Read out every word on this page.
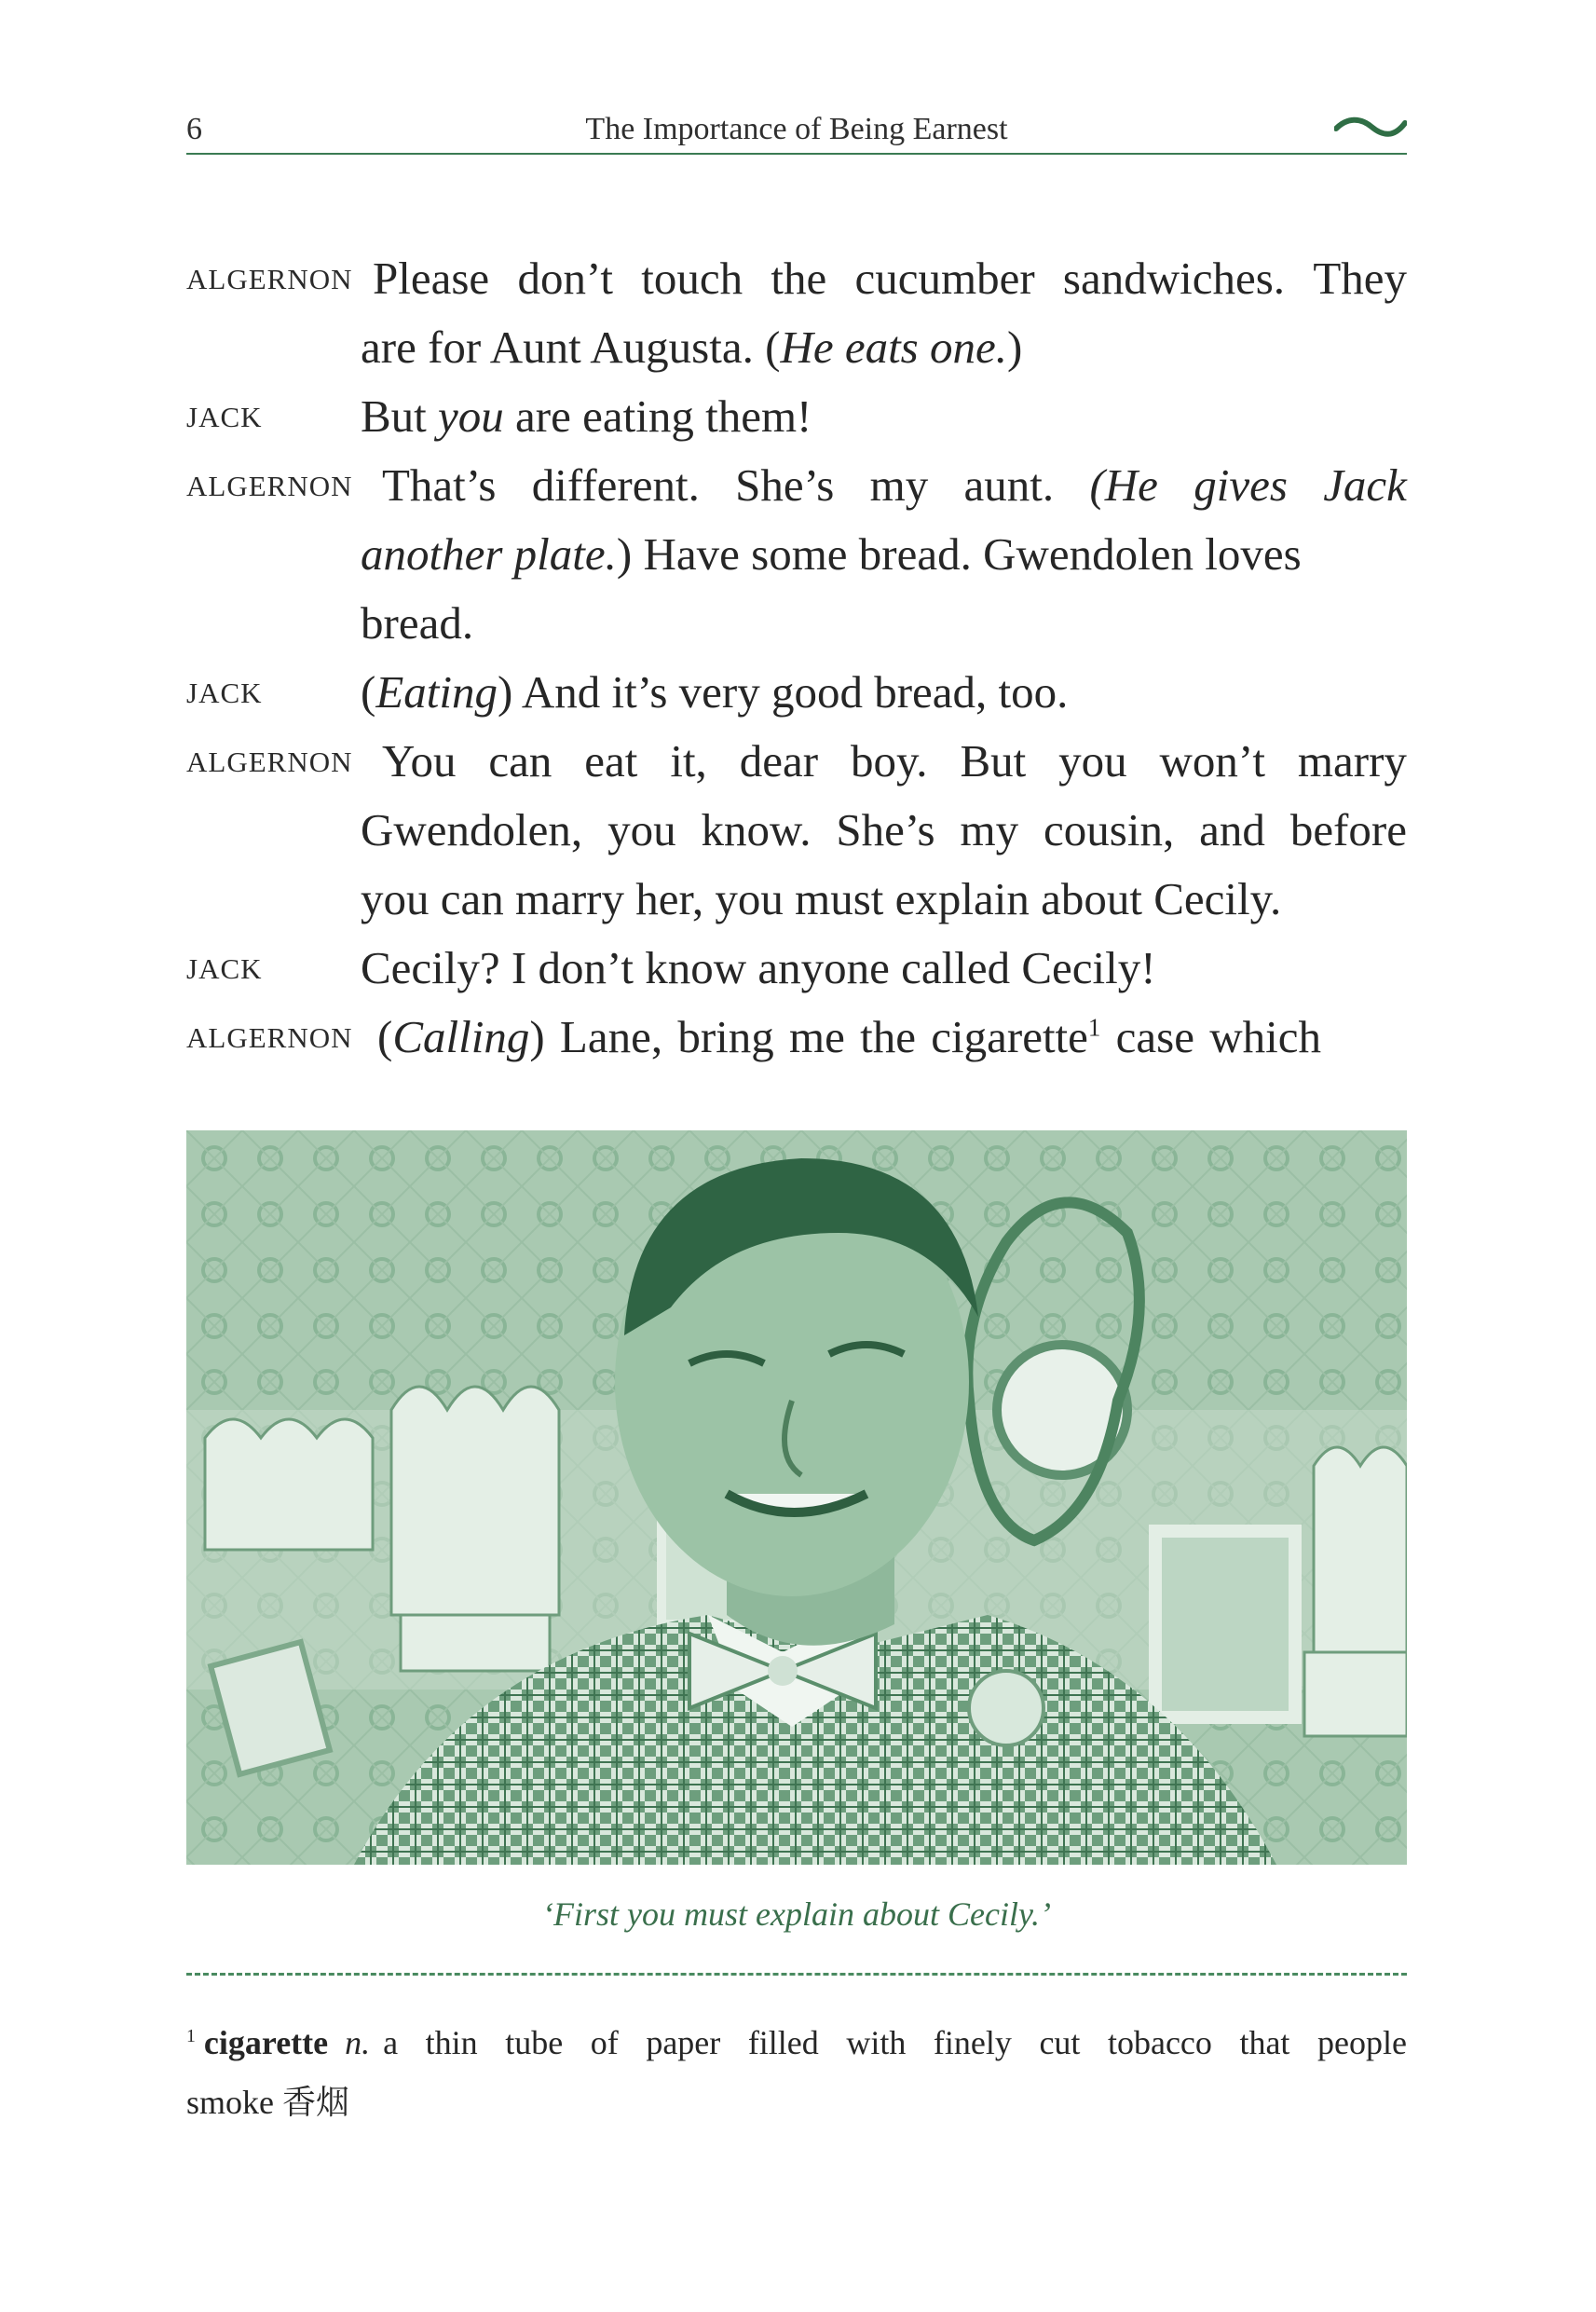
6	The Importance of Being Earnest
ALGERNON Please don’t touch the cucumber sandwiches. They
are for Aunt Augusta. (He eats one.)
JACK	But you are eating them!
ALGERNON That’s different. She’s my aunt. (He gives Jack
another plate.) Have some bread. Gwendolen loves
bread.
JACK	(Eating) And it’s very good bread, too.
ALGERNON You can eat it, dear boy. But you won’t marry
Gwendolen, you know. She’s my cousin, and before
you can marry her, you must explain about Cecily.
JACK	Cecily? I don’t know anyone called Cecily!
ALGERNON (Calling) Lane, bring me the cigarette$^1$ case which
‘First you must explain about Cecily.’
$^1$ cigarette n. a thin tube of paper filled with finely cut tobacco that people
smoke 香烟
